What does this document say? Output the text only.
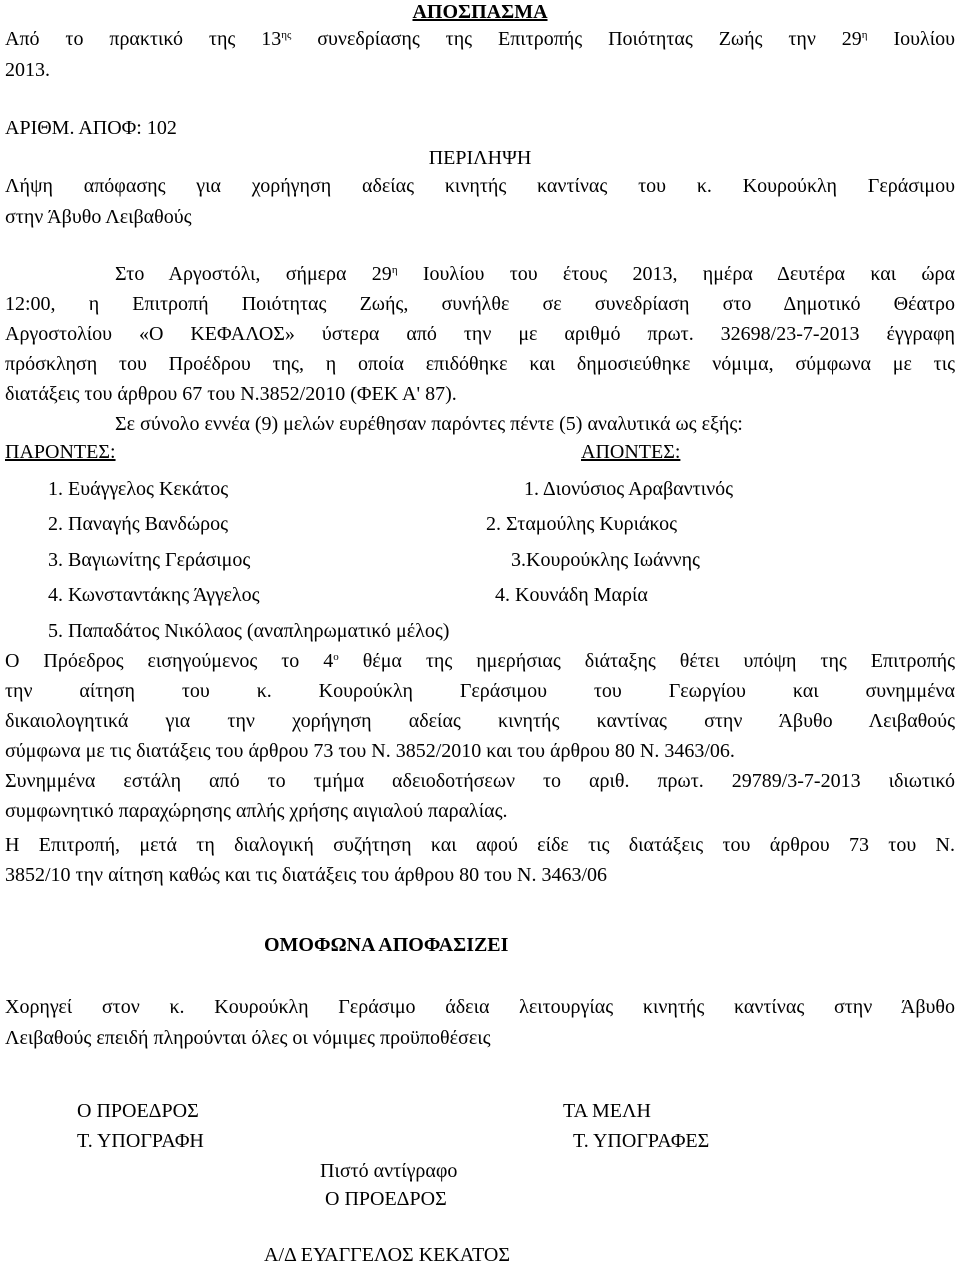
ΑΠΟΣΠΑΣΜΑ
Από το πρακτικό της $13^{\eta\varsigma}$ συνεδρίασης της Επιτροπής Ποιότητας Ζωής την $29^\eta$ Ιουλίου
2013.
ΑΡΙΘΜ. ΑΠΟΦ: 102
ΠΕΡΙΛΗΨΗ
Λήψη απόφασης για χορήγηση αδείας κινητής καντίνας του κ. Κουρούκλη Γεράσιμου
στην Άβυθο Λειβαθούς
Στο Αργοστόλι, σήμερα $29^\eta$ Ιουλίου του έτους 2013, ημέρα Δευτέρα και ώρα
12:00, η Επιτροπή Ποιότητας Ζωής, συνήλθε σε συνεδρίαση στο Δημοτικό Θέατρο
Αργοστολίου «Ο ΚΕΦΑΛΟΣ» ύστερα από την με αριθμό πρωτ. 32698/23-7-2013 έγγραφη
πρόσκληση του Προέδρου της, η οποία επιδόθηκε και δημοσιεύθηκε νόμιμα, σύμφωνα με τις
διατάξεις του άρθρου 67 του Ν.3852/2010 (ΦΕΚ Α' 87).
Σε σύνολο εννέα (9) μελών ευρέθησαν παρόντες πέντε (5) αναλυτικά ως εξής:
ΠΑΡΟΝΤΕΣ:	ΑΠΟΝΤΕΣ:
1. Ευάγγελος Κεκάτος
2. Παναγής Βανδώρος
3. Βαγιωνίτης Γεράσιμος
4. Κωνσταντάκης Άγγελος
5. Παπαδάτος Νικόλαος (αναπληρωματικό μέλος)
1. Διονύσιος Αραβαντινός
2. Σταμούλης Κυριάκος
3.Κουρούκλης Ιωάννης
4. Κουνάδη Μαρία
Ο Πρόεδρος εισηγούμενος το $4^o$ θέμα της ημερήσιας διάταξης θέτει υπόψη της Επιτροπής
την αίτηση του κ. Κουρούκλη Γεράσιμου του Γεωργίου και συνημμένα
δικαιολογητικά για την χορήγηση αδείας κινητής καντίνας στην Άβυθο Λειβαθούς
σύμφωνα με τις διατάξεις του άρθρου 73 του Ν. 3852/2010 και του άρθρου 80 Ν. 3463/06.
Συνημμένα εστάλη από το τμήμα αδειοδοτήσεων το αριθ. πρωτ. 29789/3-7-2013 ιδιωτικό
συμφωνητικό παραχώρησης απλής χρήσης αιγιαλού παραλίας.
Η Επιτροπή, μετά τη διαλογική συζήτηση και αφού είδε τις διατάξεις του άρθρου 73 του Ν.
3852/10 την αίτηση καθώς και τις διατάξεις του άρθρου 80 του Ν. 3463/06
ΟΜΟΦΩΝΑ ΑΠΟΦΑΣΙΖΕΙ
Χορηγεί στον κ. Κουρούκλη Γεράσιμο άδεια λειτουργίας κινητής καντίνας στην Άβυθο
Λειβαθούς επειδή πληρούνται όλες οι νόμιμες προϋποθέσεις
Ο ΠΡΟΕΔΡΟΣ
Τ. ΥΠΟΓΡΑΦΗ
ΤΑ ΜΕΛΗ
Τ. ΥΠΟΓΡΑΦΕΣ
Πιστό αντίγραφο
Ο ΠΡΟΕΔΡΟΣ
Α/Δ ΕΥΑΓΓΕΛΟΣ ΚΕΚΑΤΟΣ
